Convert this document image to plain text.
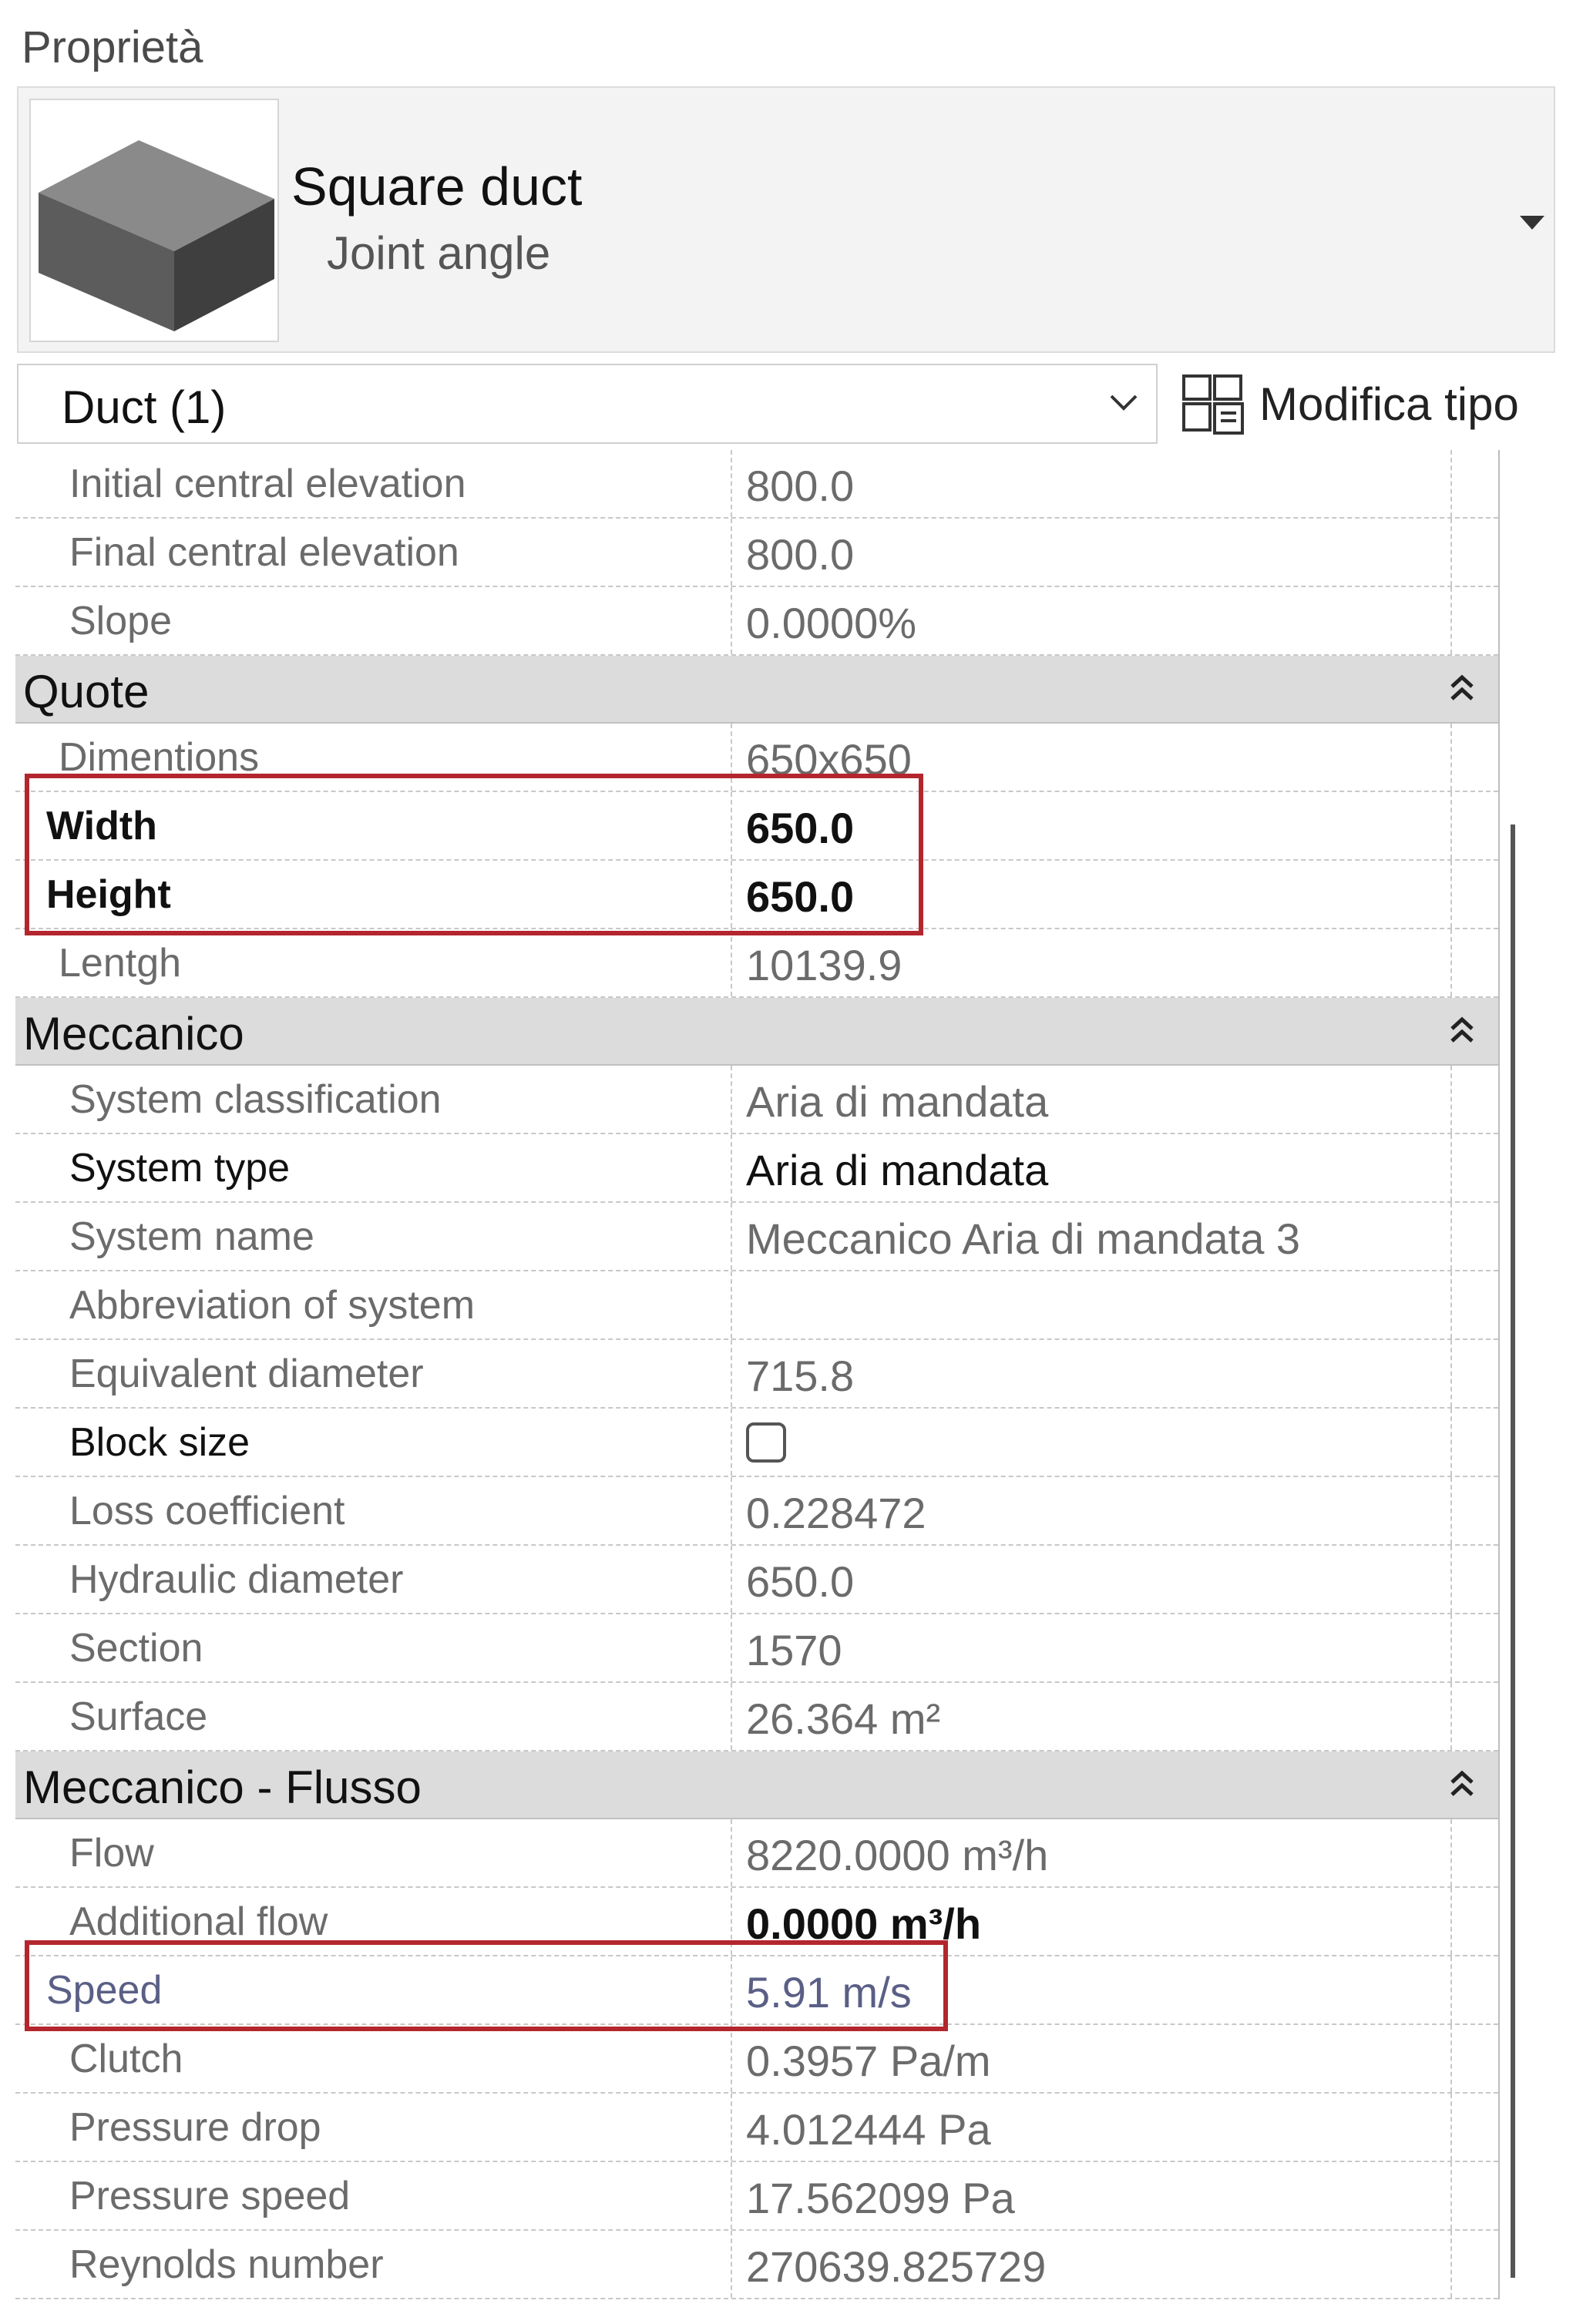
Proprietà
Square duct
Joint angle
Duct (1)	Modifica tipo
Initial central elevation	800.0
Final central elevation	800.0
Slope	0.0000%
Quote
Dimentions	650x650
Width	650.0
Height	650.0
Lentgh	10139.9
Meccanico
System classification	Aria di mandata
System type	Aria di mandata
System name	Meccanico Aria di mandata 3
Abbreviation of system
Equivalent diameter	715.8
Block size
Loss coefficient	0.228472
Hydraulic diameter	650.0
Section	1570
Surface	26.364 m²
Meccanico - Flusso
Flow	8220.0000 m³/h
Additional flow	0.0000 m³/h
Speed	5.91 m/s
Clutch	0.3957 Pa/m
Pressure drop	4.012444 Pa
Pressure speed	17.562099 Pa
Reynolds number	270639.825729
